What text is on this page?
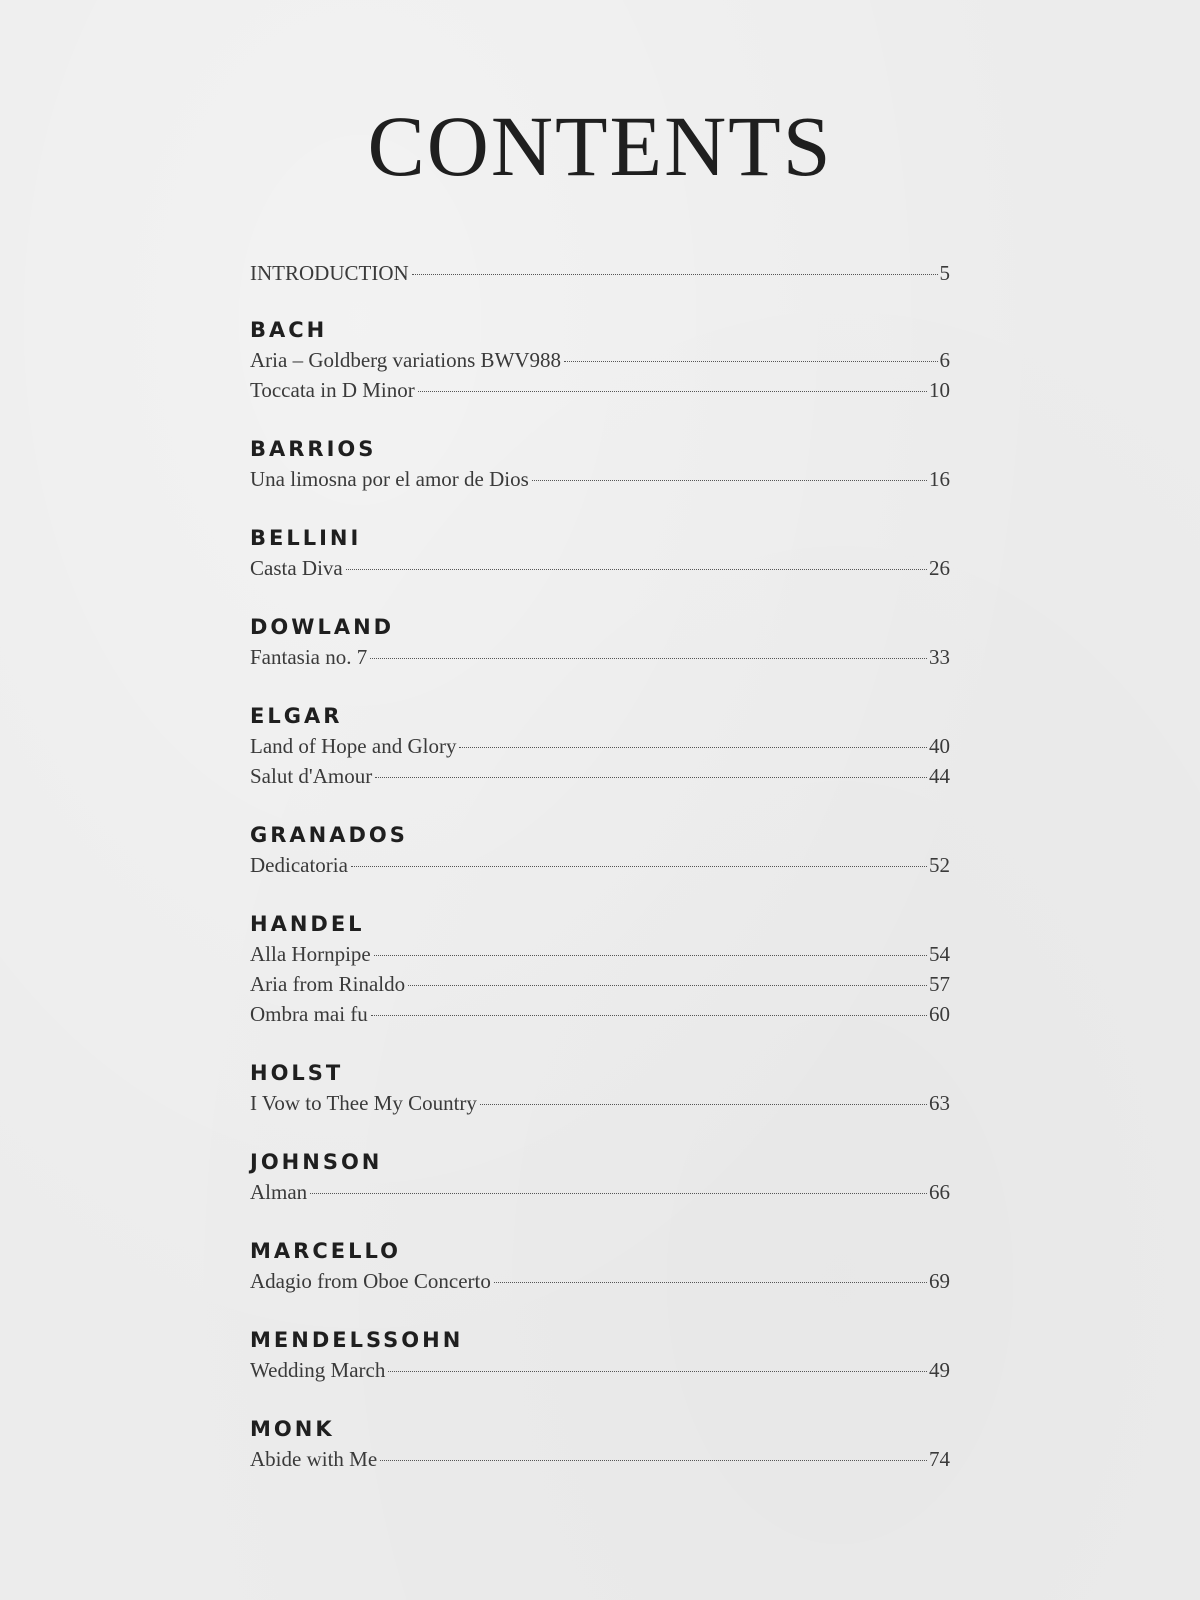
CONTENTS
INTRODUCTION	5
BACH
Aria – Goldberg variations BWV988	6
Toccata in D Minor	10
BARRIOS
Una limosna por el amor de Dios	16
BELLINI
Casta Diva	26
DOWLAND
Fantasia no. 7	33
ELGAR
Land of Hope and Glory	40
Salut d'Amour	44
GRANADOS
Dedicatoria	52
HANDEL
Alla Hornpipe	54
Aria from Rinaldo	57
Ombra mai fu	60
HOLST
I Vow to Thee My Country	63
JOHNSON
Alman	66
MARCELLO
Adagio from Oboe Concerto	69
MENDELSSOHN
Wedding March	49
MONK
Abide with Me	74
